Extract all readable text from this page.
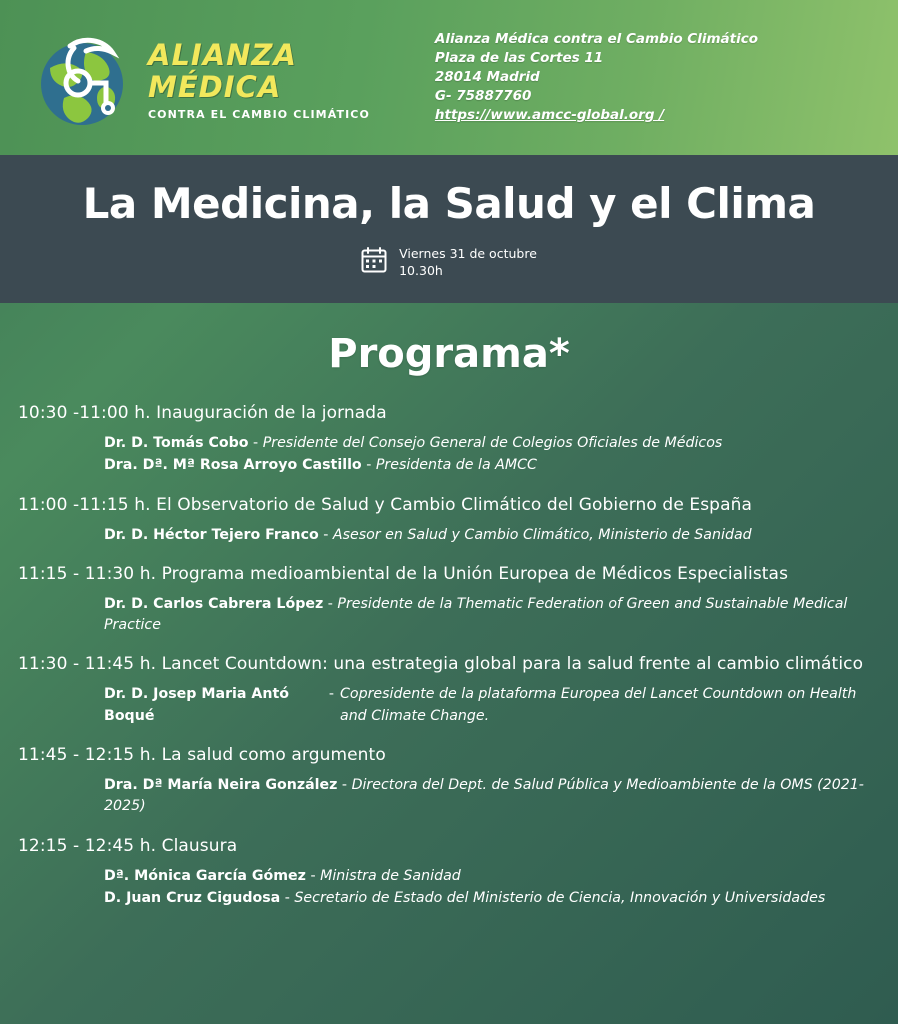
ALIANZA
MÉDICA
CONTRA EL CAMBIO CLIMÁTICO
Alianza Médica contra el Cambio Climático
Plaza de las Cortes 11
28014 Madrid
G- 75887760
https://www.amcc-global.org /
La Medicina, la Salud y el Clima
Viernes 31 de octubre
10.30h
Programa*
10:30 -11:00 h. Inauguración de la jornada
Dr. D. Tomás Cobo - Presidente del Consejo General de Colegios Oficiales de Médicos
Dra. Dª. Mª Rosa Arroyo Castillo - Presidenta de la AMCC
11:00 -11:15 h. El Observatorio de Salud y Cambio Climático del Gobierno de España
Dr. D. Héctor Tejero Franco - Asesor en Salud y Cambio Climático, Ministerio de Sanidad
11:15 - 11:30 h. Programa medioambiental de la Unión Europea de Médicos Especialistas
Dr. D. Carlos Cabrera López - Presidente de la Thematic Federation of Green and Sustainable Medical Practice
11:30 - 11:45 h. Lancet Countdown: una estrategia global para la salud frente al cambio climático
Dr. D. Josep Maria Antó Boqué
- Copresidente de la plataforma Europea del Lancet Countdown on Health and Climate Change.
11:45 - 12:15 h. La salud como argumento
Dra. Dª María Neira González - Directora del Dept. de Salud Pública y Medioambiente de la OMS (2021-2025)
12:15 - 12:45 h. Clausura
Dª. Mónica García Gómez - Ministra de Sanidad
D. Juan Cruz Cigudosa - Secretario de Estado del Ministerio de Ciencia, Innovación y Universidades
